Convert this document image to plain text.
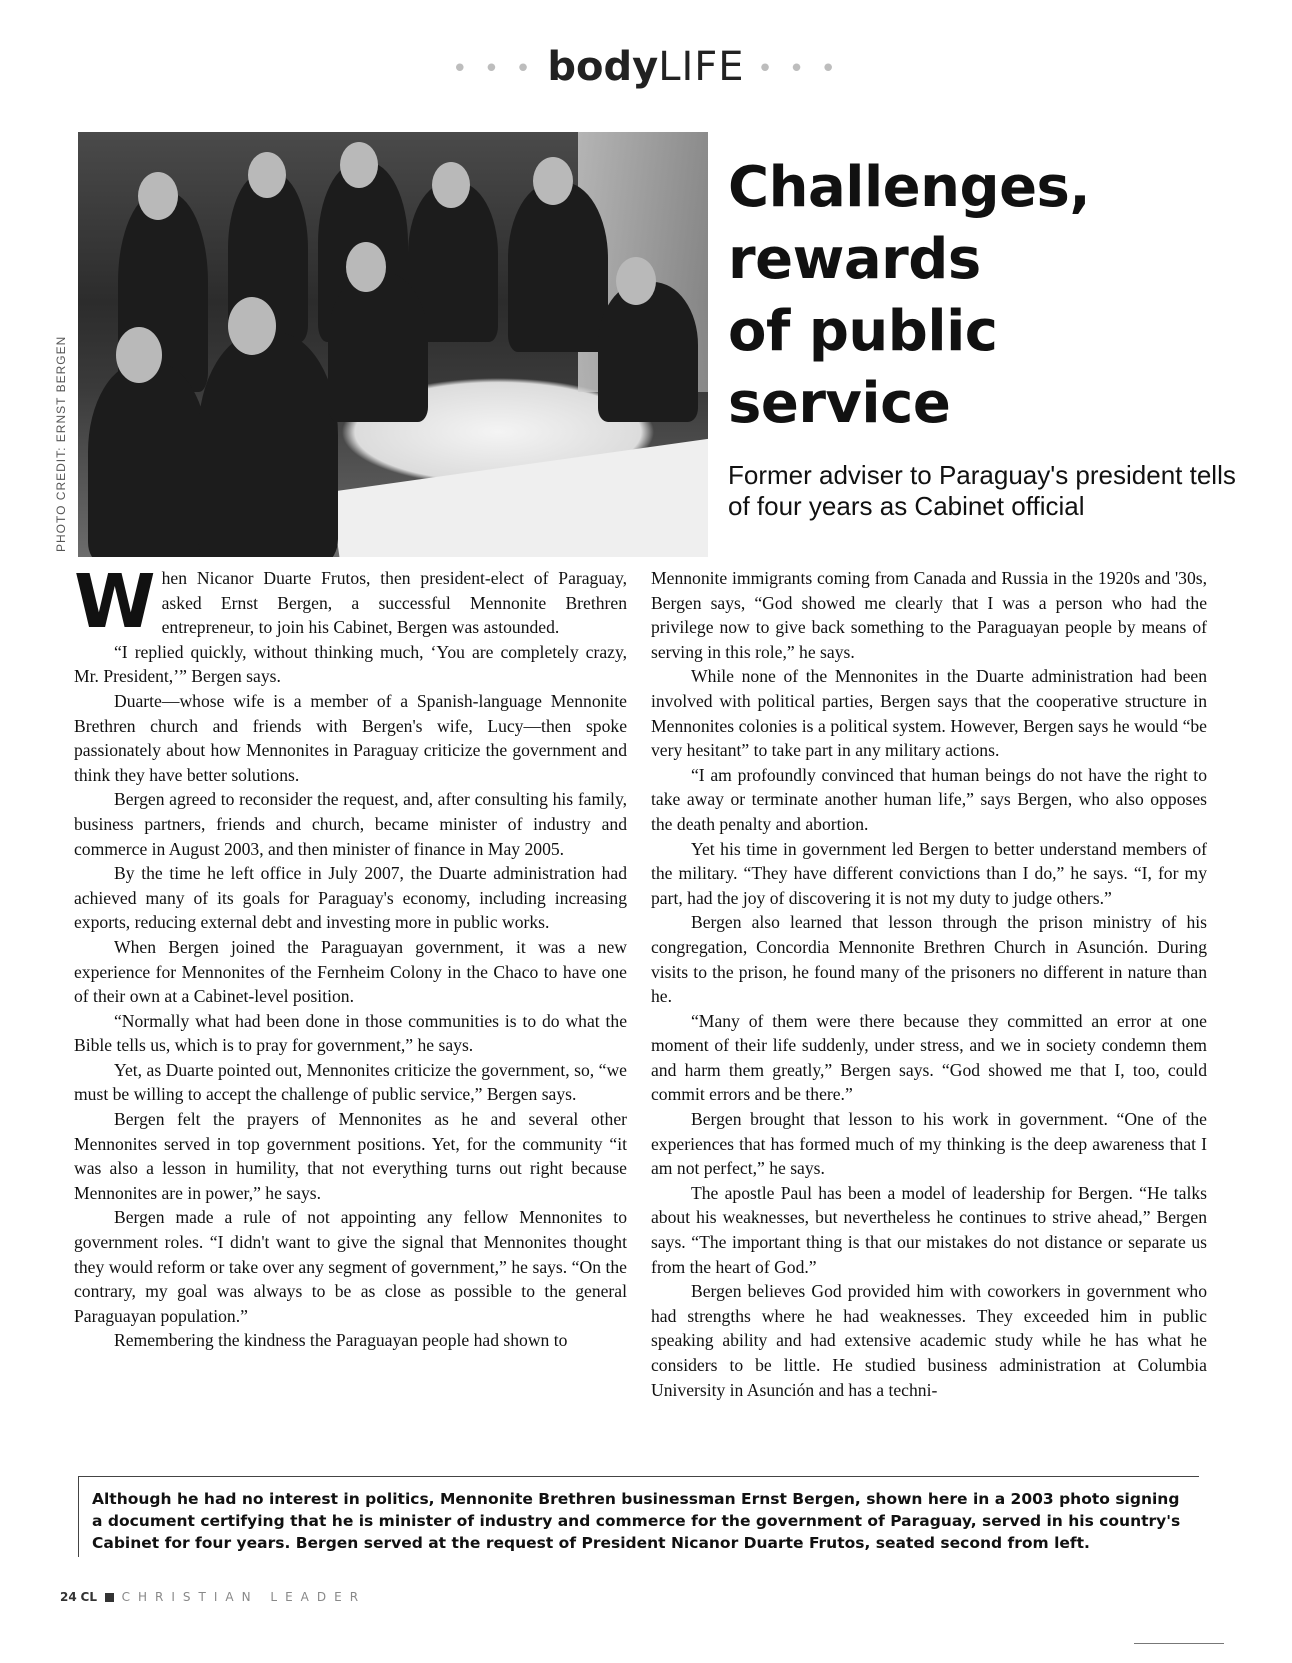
• • • bodyLIFE • • •
PHOTO CREDIT: ERNST BERGEN
Challenges,
rewards
of public
service
Former adviser to Paraguay's president tells of four years as Cabinet official
W hen Nicanor Duarte Frutos, then president-elect of Paraguay, asked Ernst Bergen, a successful Mennonite Brethren entrepreneur, to join his Cabinet, Bergen was astounded.

“I replied quickly, without thinking much, ‘You are completely crazy, Mr. President,’” Bergen says.

Duarte—whose wife is a member of a Spanish-language Mennonite Brethren church and friends with Bergen's wife, Lucy—then spoke passionately about how Mennonites in Paraguay criticize the government and think they have better solutions.

Bergen agreed to reconsider the request, and, after consulting his family, business partners, friends and church, became minister of industry and commerce in August 2003, and then minister of finance in May 2005.

By the time he left office in July 2007, the Duarte administration had achieved many of its goals for Paraguay's economy, including increasing exports, reducing external debt and investing more in public works.

When Bergen joined the Paraguayan government, it was a new experience for Mennonites of the Fernheim Colony in the Chaco to have one of their own at a Cabinet-level position.

“Normally what had been done in those communities is to do what the Bible tells us, which is to pray for government,” he says.

Yet, as Duarte pointed out, Mennonites criticize the government, so, “we must be willing to accept the challenge of public service,” Bergen says.

Bergen felt the prayers of Mennonites as he and several other Mennonites served in top government positions. Yet, for the community “it was also a lesson in humility, that not everything turns out right because Mennonites are in power,” he says.

Bergen made a rule of not appointing any fellow Mennonites to government roles. “I didn't want to give the signal that Mennonites thought they would reform or take over any segment of government,” he says. “On the contrary, my goal was always to be as close as possible to the general Paraguayan population.”

Remembering the kindness the Paraguayan people had shown to

Mennonite immigrants coming from Canada and Russia in the 1920s and '30s, Bergen says, “God showed me clearly that I was a person who had the privilege now to give back something to the Paraguayan people by means of serving in this role,” he says.

While none of the Mennonites in the Duarte administration had been involved with political parties, Bergen says that the cooperative structure in Mennonites colonies is a political system. However, Bergen says he would “be very hesitant” to take part in any military actions.

“I am profoundly convinced that human beings do not have the right to take away or terminate another human life,” says Bergen, who also opposes the death penalty and abortion.

Yet his time in government led Bergen to better understand members of the military. “They have different convictions than I do,” he says. “I, for my part, had the joy of discovering it is not my duty to judge others.”

Bergen also learned that lesson through the prison ministry of his congregation, Concordia Mennonite Brethren Church in Asunción. During visits to the prison, he found many of the prisoners no different in nature than he.

“Many of them were there because they committed an error at one moment of their life suddenly, under stress, and we in society condemn them and harm them greatly,” Bergen says. “God showed me that I, too, could commit errors and be there.”

Bergen brought that lesson to his work in government. “One of the experiences that has formed much of my thinking is the deep awareness that I am not perfect,” he says.

The apostle Paul has been a model of leadership for Bergen. “He talks about his weaknesses, but nevertheless he continues to strive ahead,” Bergen says. “The important thing is that our mistakes do not distance or separate us from the heart of God.”

Bergen believes God provided him with coworkers in government who had strengths where he had weaknesses. They exceeded him in public speaking ability and had extensive academic study while he has what he considers to be little. He studied business administration at Columbia University in Asunción and has a techni-

Although he had no interest in politics, Mennonite Brethren businessman Ernst Bergen, shown here in a 2003 photo signing a document certifying that he is minister of industry and commerce for the government of Paraguay, served in his country's Cabinet for four years. Bergen served at the request of President Nicanor Duarte Frutos, seated second from left.
24 CL CHRISTIAN LEADER
